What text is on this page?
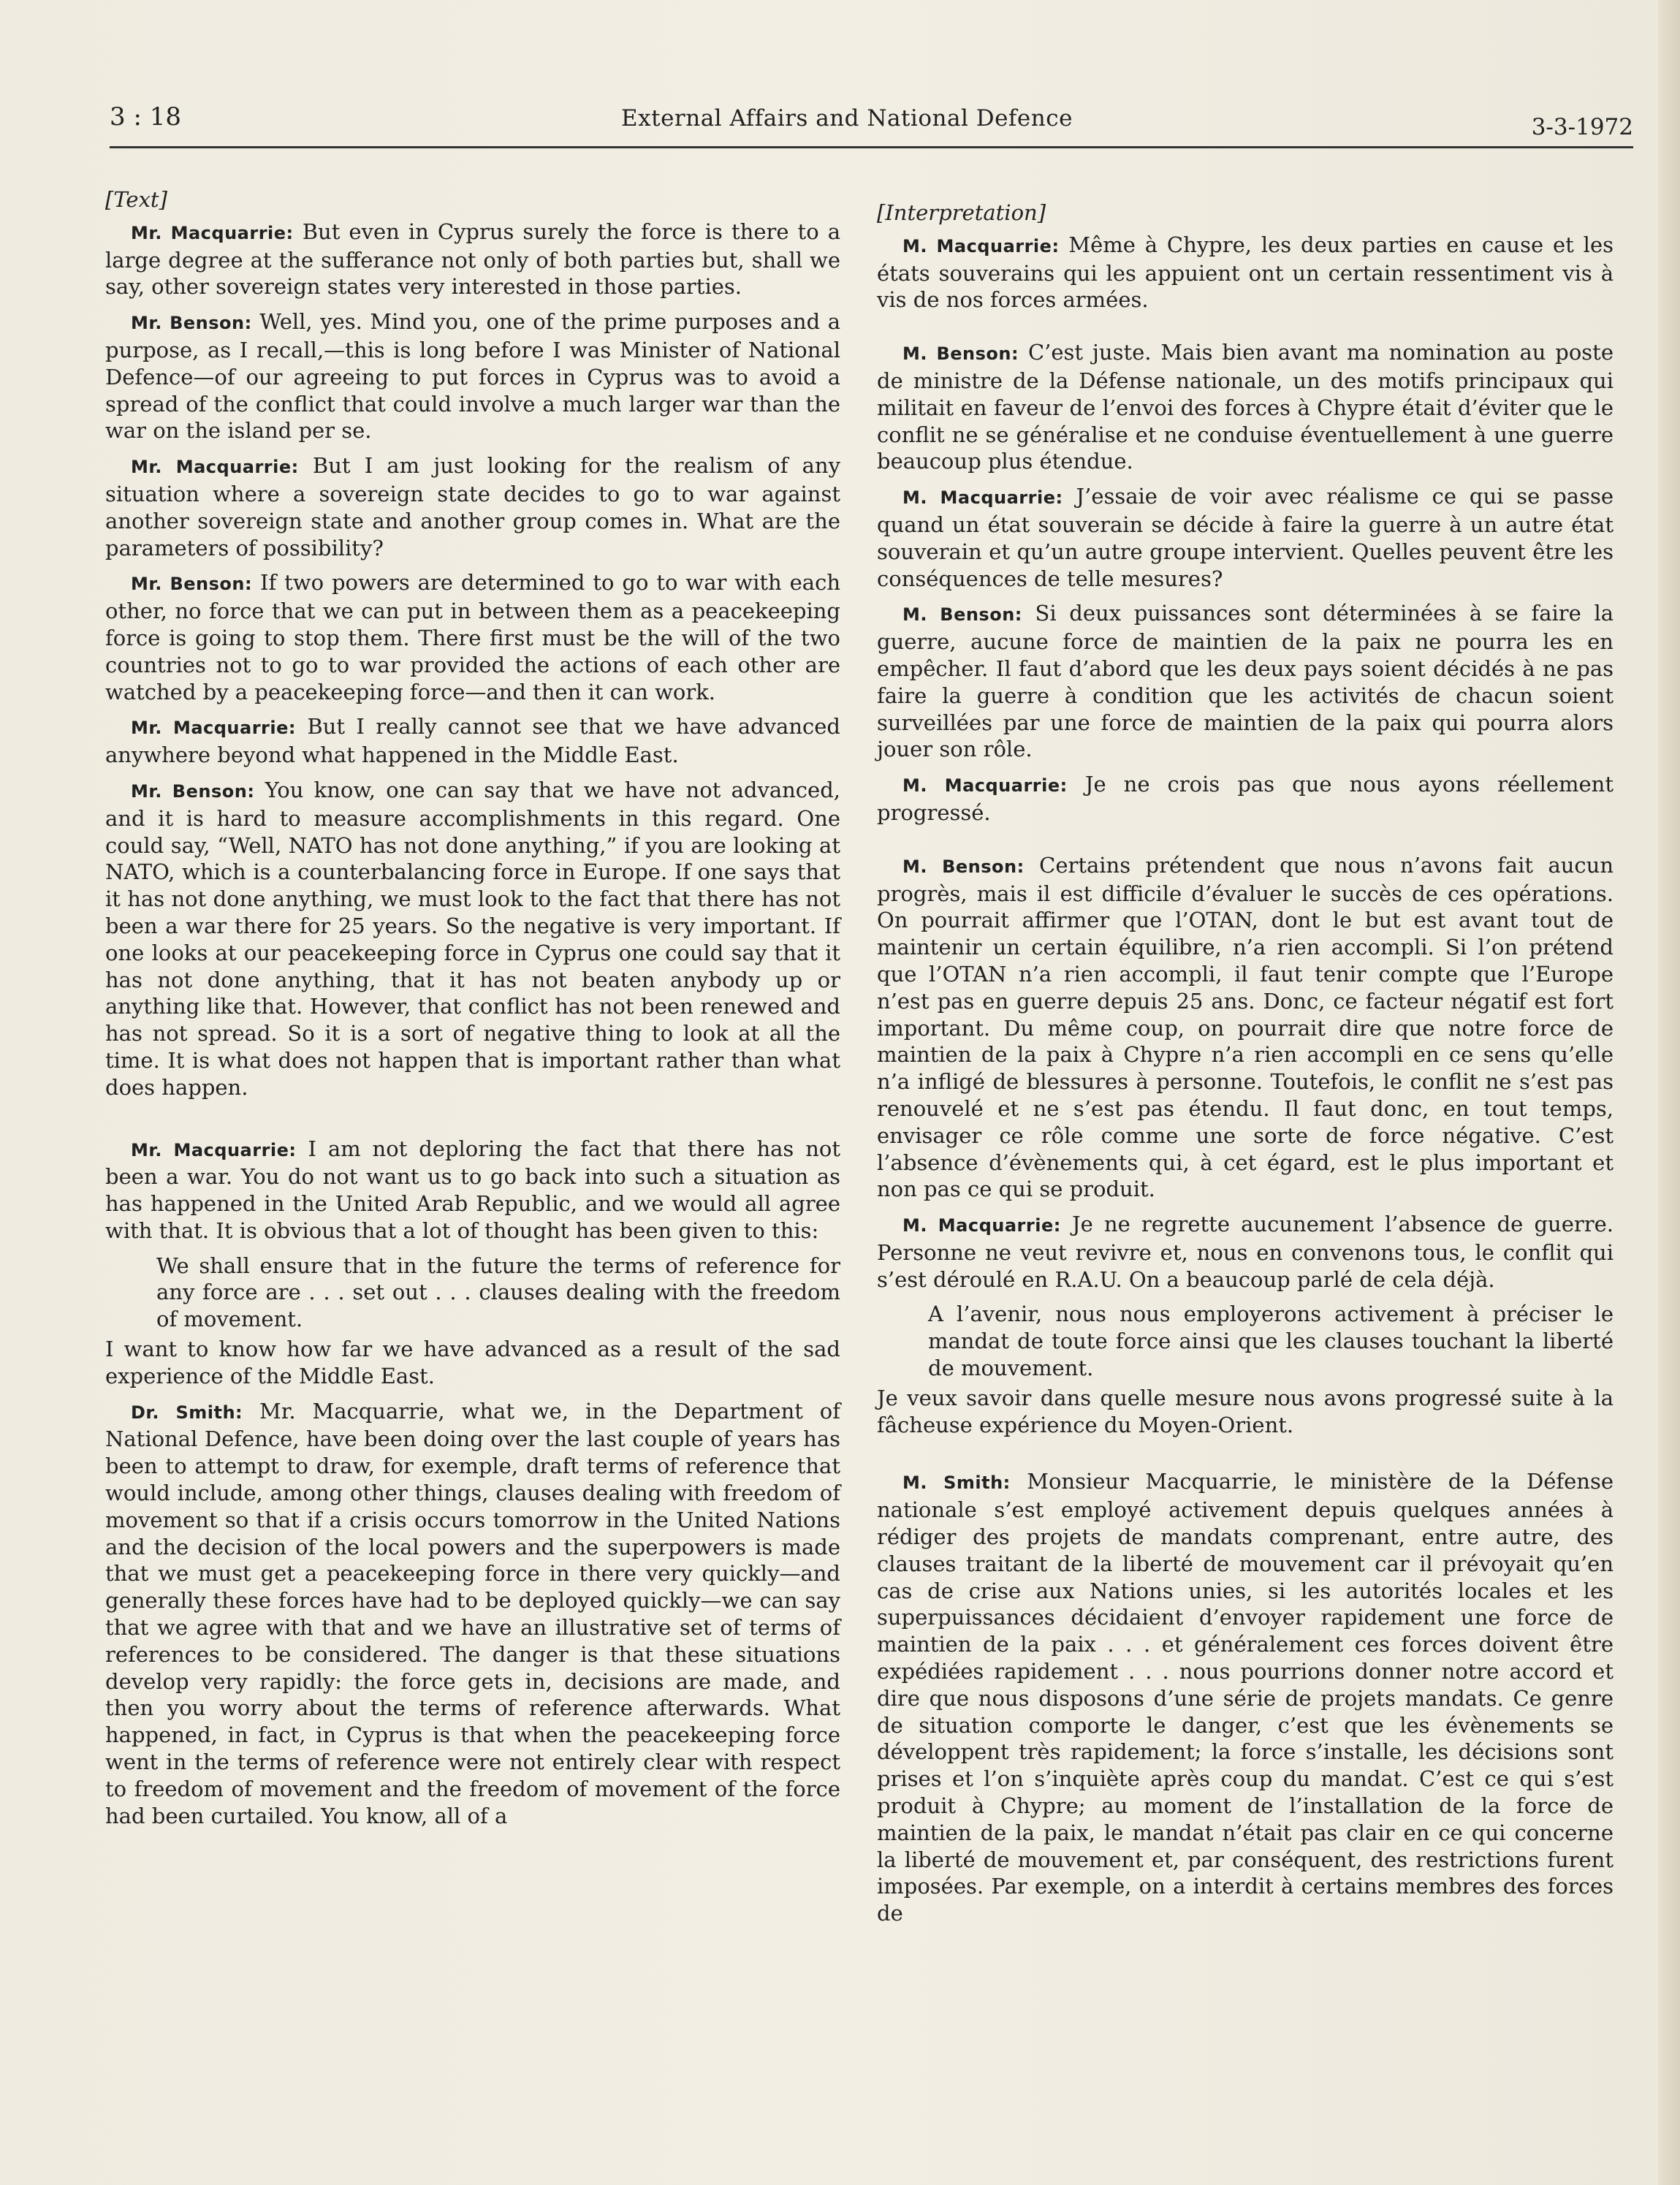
3 : 18	External Affairs and National Defence	3-3-1972
[Text]

Mr. Macquarrie: But even in Cyprus surely the force is there to a large degree at the sufferance not only of both parties but, shall we say, other sovereign states very interested in those parties.

Mr. Benson: Well, yes. Mind you, one of the prime purposes and a purpose, as I recall,—this is long before I was Minister of National Defence—of our agreeing to put forces in Cyprus was to avoid a spread of the conflict that could involve a much larger war than the war on the island per se.

Mr. Macquarrie: But I am just looking for the realism of any situation where a sovereign state decides to go to war against another sovereign state and another group comes in. What are the parameters of possibility?

Mr. Benson: If two powers are determined to go to war with each other, no force that we can put in between them as a peacekeeping force is going to stop them. There first must be the will of the two countries not to go to war provided the actions of each other are watched by a peacekeeping force—and then it can work.

Mr. Macquarrie: But I really cannot see that we have advanced anywhere beyond what happened in the Middle East.

Mr. Benson: You know, one can say that we have not advanced, and it is hard to measure accomplishments in this regard. One could say, “Well, NATO has not done anything,” if you are looking at NATO, which is a counterbalancing force in Europe. If one says that it has not done anything, we must look to the fact that there has not been a war there for 25 years. So the negative is very important. If one looks at our peacekeeping force in Cyprus one could say that it has not done anything, that it has not beaten anybody up or anything like that. However, that conflict has not been renewed and has not spread. So it is a sort of negative thing to look at all the time. It is what does not happen that is important rather than what does happen.

Mr. Macquarrie: I am not deploring the fact that there has not been a war. You do not want us to go back into such a situation as has happened in the United Arab Republic, and we would all agree with that. It is obvious that a lot of thought has been given to this:

We shall ensure that in the future the terms of reference for any force are . . . set out . . . clauses dealing with the freedom of movement.

I want to know how far we have advanced as a result of the sad experience of the Middle East.

Dr. Smith: Mr. Macquarrie, what we, in the Department of National Defence, have been doing over the last couple of years has been to attempt to draw, for exemple, draft terms of reference that would include, among other things, clauses dealing with freedom of movement so that if a crisis occurs tomorrow in the United Nations and the decision of the local powers and the superpowers is made that we must get a peacekeeping force in there very quickly—and generally these forces have had to be deployed quickly—we can say that we agree with that and we have an illustrative set of terms of references to be considered. The danger is that these situations develop very rapidly: the force gets in, decisions are made, and then you worry about the terms of reference afterwards. What happened, in fact, in Cyprus is that when the peacekeeping force went in the terms of reference were not entirely clear with respect to freedom of movement and the freedom of movement of the force had been curtailed. You know, all of a

[Interpretation]

M. Macquarrie: Même à Chypre, les deux parties en cause et les états souverains qui les appuient ont un certain ressentiment vis à vis de nos forces armées.

M. Benson: C’est juste. Mais bien avant ma nomination au poste de ministre de la Défense nationale, un des motifs principaux qui militait en faveur de l’envoi des forces à Chypre était d’éviter que le conflit ne se généralise et ne conduise éventuellement à une guerre beaucoup plus étendue.

M. Macquarrie: J’essaie de voir avec réalisme ce qui se passe quand un état souverain se décide à faire la guerre à un autre état souverain et qu’un autre groupe intervient. Quelles peuvent être les conséquences de telle mesures?

M. Benson: Si deux puissances sont déterminées à se faire la guerre, aucune force de maintien de la paix ne pourra les en empêcher. Il faut d’abord que les deux pays soient décidés à ne pas faire la guerre à condition que les activités de chacun soient surveillées par une force de maintien de la paix qui pourra alors jouer son rôle.

M. Macquarrie: Je ne crois pas que nous ayons réellement progressé.

M. Benson: Certains prétendent que nous n’avons fait aucun progrès, mais il est difficile d’évaluer le succès de ces opérations. On pourrait affirmer que l’OTAN, dont le but est avant tout de maintenir un certain équilibre, n’a rien accompli. Si l’on prétend que l’OTAN n’a rien accompli, il faut tenir compte que l’Europe n’est pas en guerre depuis 25 ans. Donc, ce facteur négatif est fort important. Du même coup, on pourrait dire que notre force de maintien de la paix à Chypre n’a rien accompli en ce sens qu’elle n’a infligé de blessures à personne. Toutefois, le conflit ne s’est pas renouvelé et ne s’est pas étendu. Il faut donc, en tout temps, envisager ce rôle comme une sorte de force négative. C’est l’absence d’évènements qui, à cet égard, est le plus important et non pas ce qui se produit.

M. Macquarrie: Je ne regrette aucunement l’absence de guerre. Personne ne veut revivre et, nous en convenons tous, le conflit qui s’est déroulé en R.A.U. On a beaucoup parlé de cela déjà.

A l’avenir, nous nous employerons activement à préciser le mandat de toute force ainsi que les clauses touchant la liberté de mouvement.

Je veux savoir dans quelle mesure nous avons progressé suite à la fâcheuse expérience du Moyen-Orient.

M. Smith: Monsieur Macquarrie, le ministère de la Défense nationale s’est employé activement depuis quelques années à rédiger des projets de mandats comprenant, entre autre, des clauses traitant de la liberté de mouvement car il prévoyait qu’en cas de crise aux Nations unies, si les autorités locales et les superpuissances décidaient d’envoyer rapidement une force de maintien de la paix . . . et généralement ces forces doivent être expédiées rapidement . . . nous pourrions donner notre accord et dire que nous disposons d’une série de projets mandats. Ce genre de situation comporte le danger, c’est que les évènements se développent très rapidement; la force s’installe, les décisions sont prises et l’on s’inquiète après coup du mandat. C’est ce qui s’est produit à Chypre; au moment de l’installation de la force de maintien de la paix, le mandat n’était pas clair en ce qui concerne la liberté de mouvement et, par conséquent, des restrictions furent imposées. Par exemple, on a interdit à certains membres des forces de
